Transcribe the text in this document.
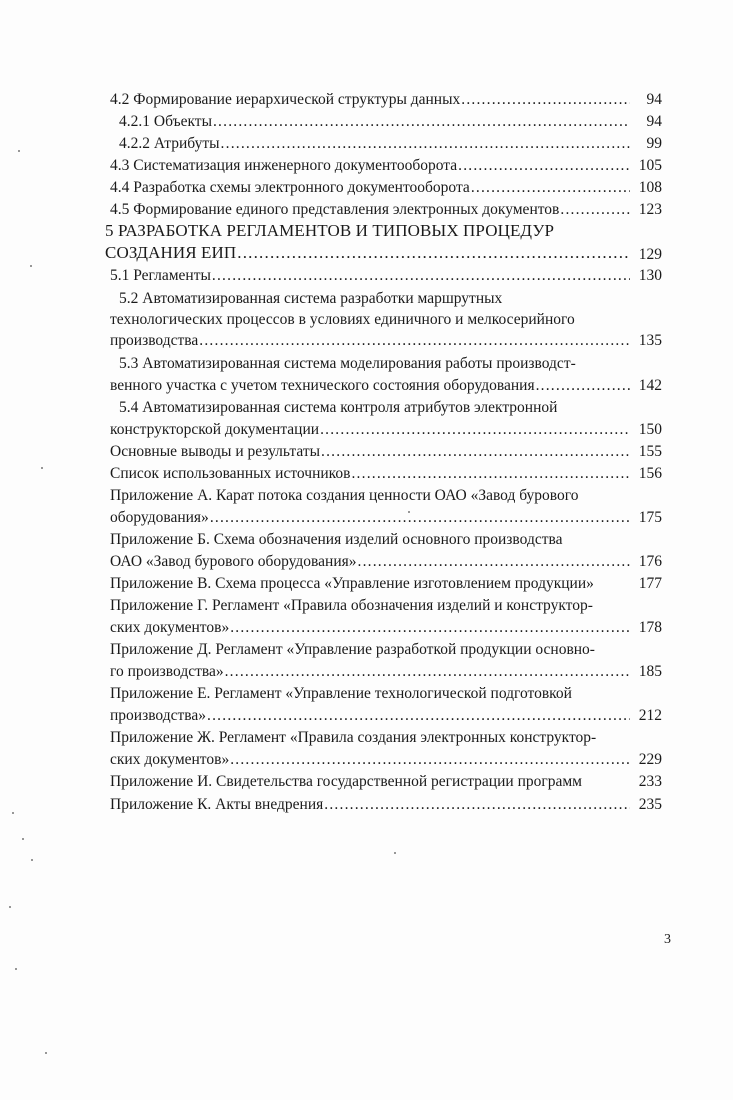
4.2 Формирование иерархической структуры данных .....	94
4.2.1 Объекты .....	94
4.2.2 Атрибуты .....	99
4.3 Систематизация инженерного документооборота .....	105
4.4 Разработка схемы электронного документооборота .....	108
4.5 Формирование единого представления электронных документов .....	123
5 РАЗРАБОТКА РЕГЛАМЕНТОВ И ТИПОВЫХ ПРОЦЕДУР
СОЗДАНИЯ ЕИП .....	129
5.1 Регламенты .....	130
5.2 Автоматизированная система разработки маршрутных
технологических процессов в условиях единичного и мелкосерийного
производства .....	135
5.3 Автоматизированная система моделирования работы производст-
венного участка с учетом технического состояния оборудования .....	142
5.4 Автоматизированная система контроля атрибутов электронной
конструкторской документации .....	150
Основные выводы и результаты .....	155
Список использованных источников .....	156
Приложение А. Карат потока создания ценности ОАО «Завод бурового
оборудования» .....	175
Приложение Б. Схема обозначения изделий основного производства
ОАО «Завод бурового оборудования» .....	176
Приложение В. Схема процесса «Управление изготовлением продукции»	177
Приложение Г. Регламент «Правила обозначения изделий и конструктор-
ских документов» .....	178
Приложение Д. Регламент «Управление разработкой продукции основно-
го производства» .....	185
Приложение Е. Регламент «Управление технологической подготовкой
производства» .....	212
Приложение Ж. Регламент «Правила создания электронных конструктор-
ских документов» .....	229
Приложение И. Свидетельства государственной регистрации программ	233
Приложение К. Акты внедрения .....	235
3
